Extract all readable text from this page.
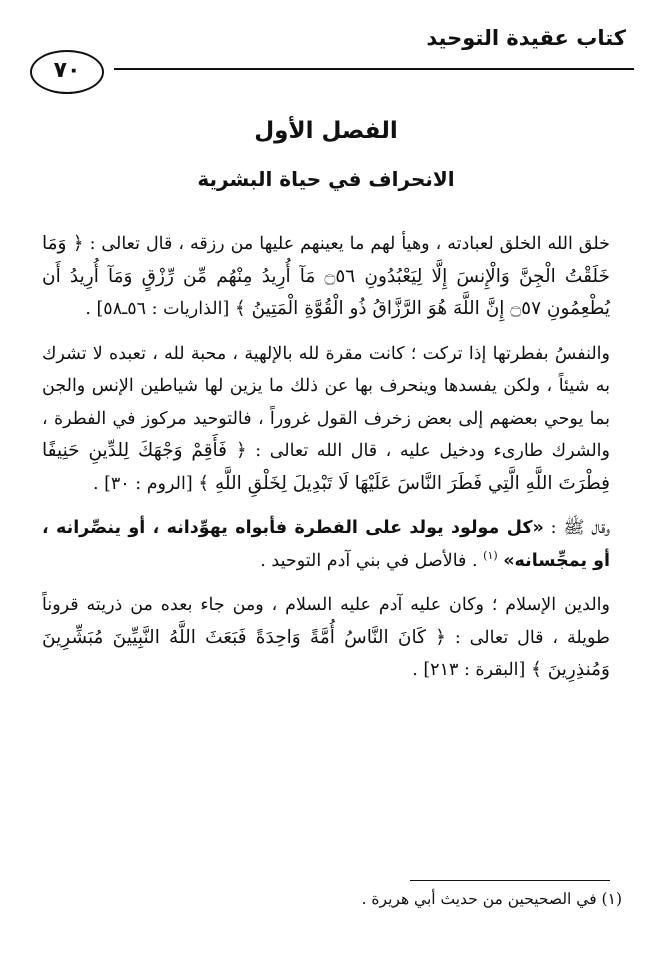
كتاب عقيدة التوحيد
٧٠
الفصل الأول
الانحراف في حياة البشرية

خلق الله الخلق لعبادته ، وهيأ لهم ما يعينهم عليها من رزقه ، قال تعالى : ﴿ وَمَا خَلَقْتُ الْجِنَّ وَالْإِنسَ إِلَّا لِيَعْبُدُونِ ۝٥٦ مَآ أُرِيدُ مِنْهُم مِّن رِّزْقٍ وَمَآ أُرِيدُ أَن يُطْعِمُونِ ۝٥٧ إِنَّ اللَّهَ هُوَ الرَّزَّاقُ ذُو الْقُوَّةِ الْمَتِينُ ﴾ [الذاريات : ٥٦ـ٥٨] .

والنفسُ بفطرتها إذا تركت ؛ كانت مقرة لله بالإلهية ، محبة لله ، تعبده لا تشرك به شيئاً ، ولكن يفسدها وينحرف بها عن ذلك ما يزين لها شياطين الإنس والجن بما يوحي بعضهم إلى بعض زخرف القول غروراً ، فالتوحيد مركوز في الفطرة ، والشرك طارىء ودخيل عليه ، قال الله تعالى : ﴿ فَأَقِمْ وَجْهَكَ لِلدِّينِ حَنِيفًا فِطْرَتَ اللَّهِ الَّتِي فَطَرَ النَّاسَ عَلَيْهَا لَا تَبْدِيلَ لِخَلْقِ اللَّهِ ﴾ [الروم : ٣٠] .

وقال ﷺ : «كل مولود يولد على الفطرة فأبواه يهوِّدانه ، أو ينصِّرانه ، أو يمجِّسانه» $^{(١)}$ . فالأصل في بني آدم التوحيد .

والدين الإسلام ؛ وكان عليه آدم عليه السلام ، ومن جاء بعده من ذريته قروناً طويلة ، قال تعالى : ﴿ كَانَ النَّاسُ أُمَّةً وَاحِدَةً فَبَعَثَ اللَّهُ النَّبِيِّينَ مُبَشِّرِينَ وَمُنذِرِينَ ﴾ [البقرة : ٢١٣] .

(١) في الصحيحين من حديث أبي هريرة .
